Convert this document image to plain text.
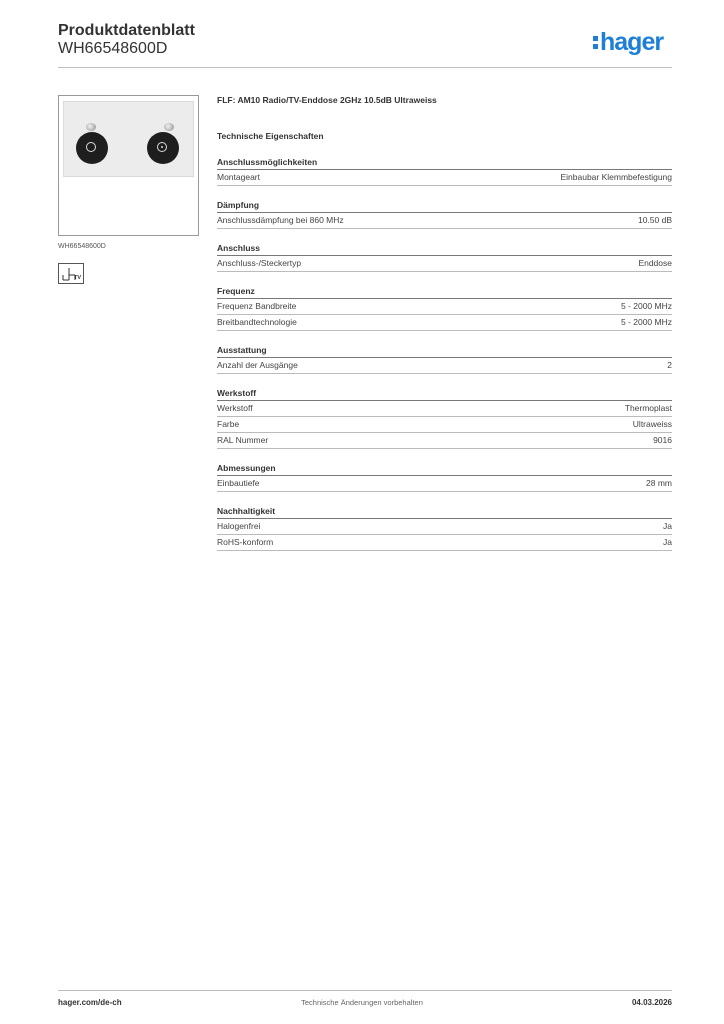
Produktdatenblatt
WH66548600D	hager
WH66548600D
TV
FLF: AM10 Radio/TV-Enddose 2GHz 10.5dB Ultraweiss
Technische Eigenschaften
Anschlussmöglichkeiten
Montageart	Einbaubar Klemmbefestigung
Dämpfung
Anschlussdämpfung bei 860 MHz	10.50 dB
Anschluss
Anschluss-/Steckertyp	Enddose
Frequenz
Frequenz Bandbreite	5 - 2000 MHz
Breitbandtechnologie	5 - 2000 MHz
Ausstattung
Anzahl der Ausgänge	2
Werkstoff
Werkstoff	Thermoplast
Farbe	Ultraweiss
RAL Nummer	9016
Abmessungen
Einbautiefe	28 mm
Nachhaltigkeit
Halogenfrei	Ja
RoHS-konform	Ja
hager.com/de-ch	Technische Änderungen vorbehalten	04.03.2026
